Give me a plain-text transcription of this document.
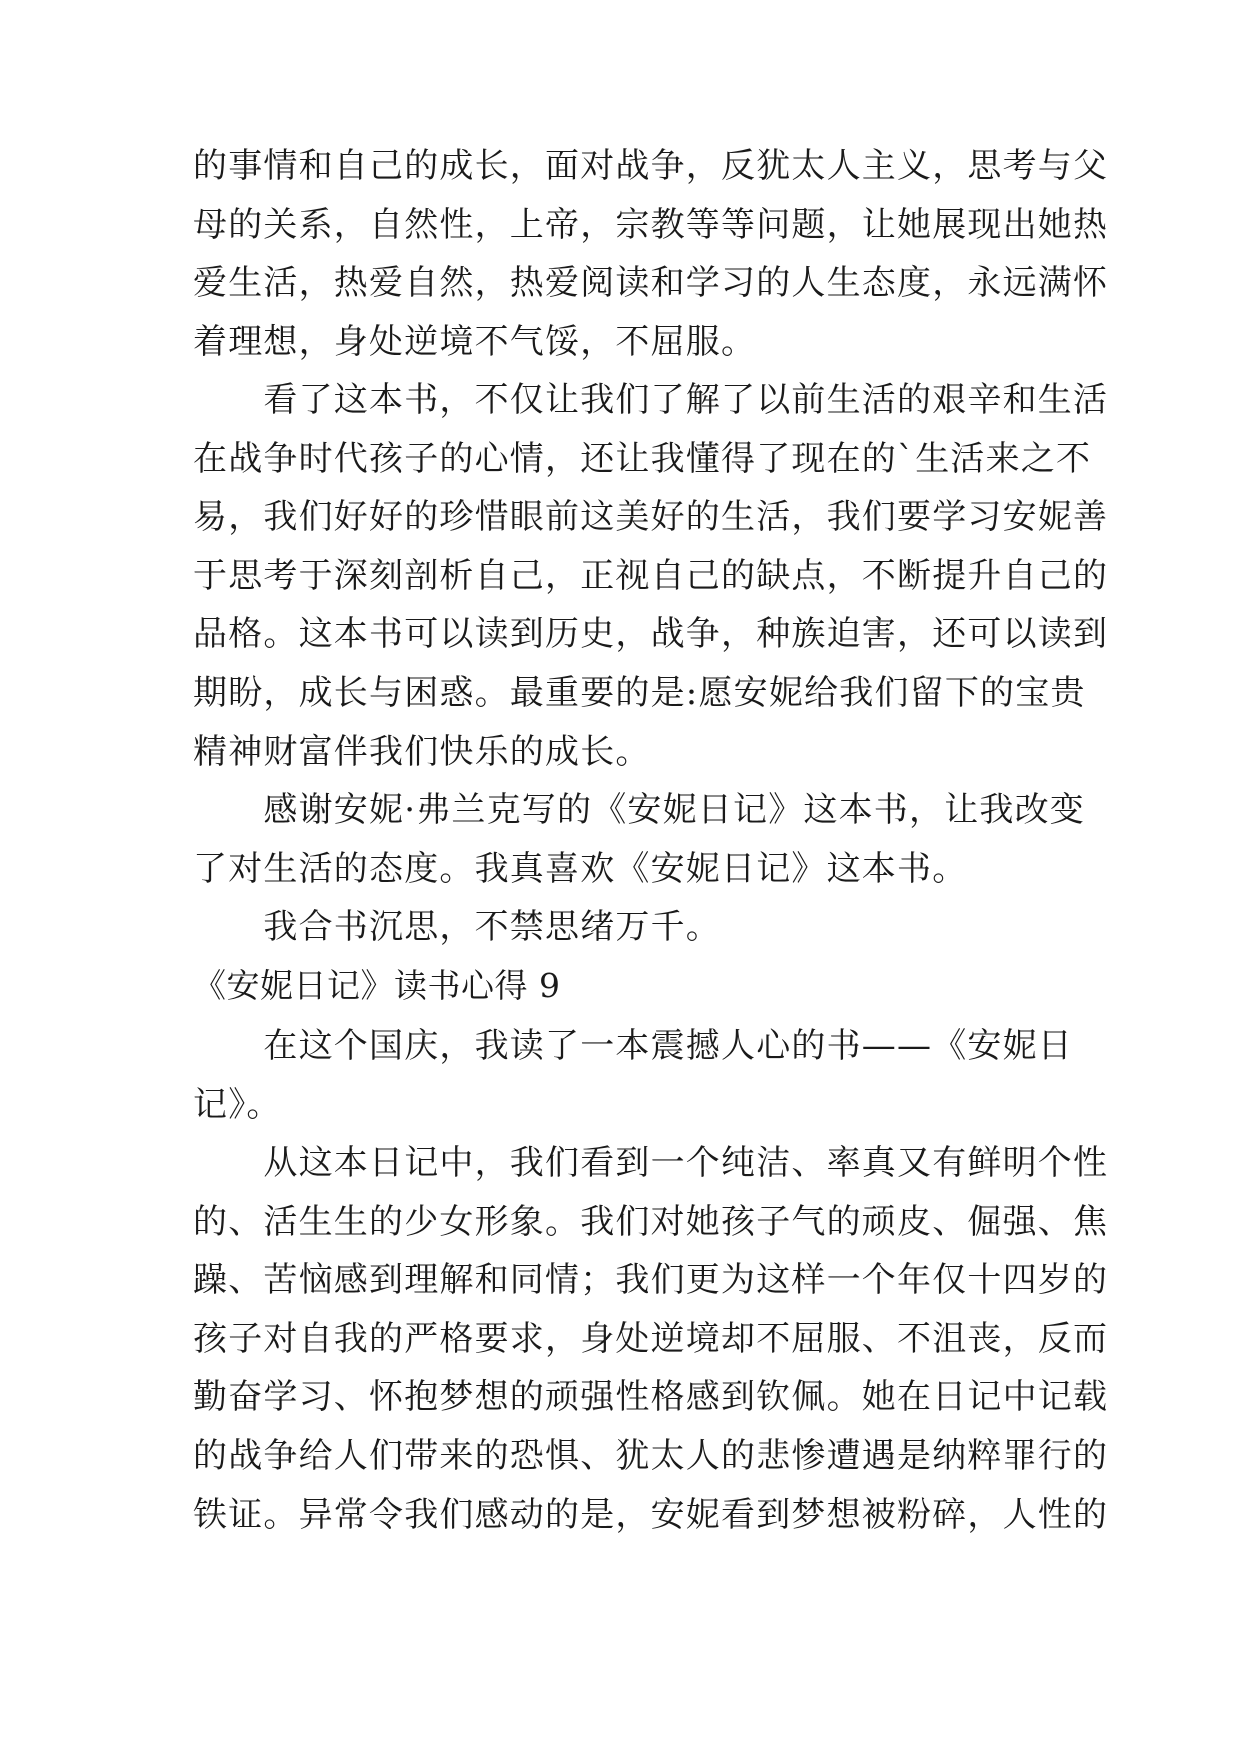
的事情和自己的成长，面对战争，反犹太人主义，思考与父
母的关系，自然性，上帝，宗教等等问题，让她展现出她热
爱生活，热爱自然，热爱阅读和学习的人生态度，永远满怀
着理想，身处逆境不气馁，不屈服。
　　看了这本书，不仅让我们了解了以前生活的艰辛和生活
在战争时代孩子的心情，还让我懂得了现在的`生活来之不
易，我们好好的珍惜眼前这美好的生活，我们要学习安妮善
于思考于深刻剖析自己，正视自己的缺点，不断提升自己的
品格。这本书可以读到历史，战争，种族迫害，还可以读到
期盼，成长与困惑。最重要的是:愿安妮给我们留下的宝贵
精神财富伴我们快乐的成长。
　　感谢安妮·弗兰克写的《安妮日记》这本书，让我改变
了对生活的态度。我真喜欢《安妮日记》这本书。
　　我合书沉思，不禁思绪万千。
《安妮日记》读书心得 9
　　在这个国庆，我读了一本震撼人心的书——《安妮日
记》。
　　从这本日记中，我们看到一个纯洁、率真又有鲜明个性
的、活生生的少女形象。我们对她孩子气的顽皮、倔强、焦
躁、苦恼感到理解和同情；我们更为这样一个年仅十四岁的
孩子对自我的严格要求，身处逆境却不屈服、不沮丧，反而
勤奋学习、怀抱梦想的顽强性格感到钦佩。她在日记中记载
的战争给人们带来的恐惧、犹太人的悲惨遭遇是纳粹罪行的
铁证。异常令我们感动的是，安妮看到梦想被粉碎，人性的
